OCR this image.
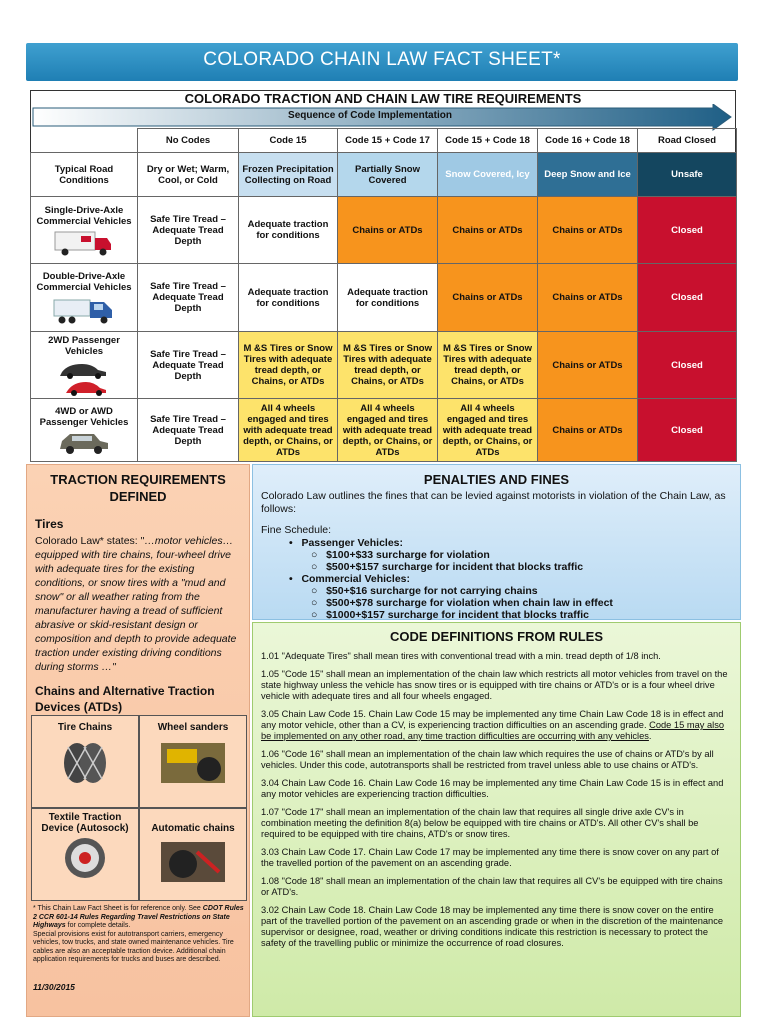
COLORADO CHAIN LAW FACT SHEET*
COLORADO TRACTION AND CHAIN LAW TIRE REQUIREMENTS
Sequence of Code Implementation
	No Codes	Code 15	Code 15 + Code 17	Code 15 + Code 18	Code 16 + Code 18	Road Closed
Typical Road Conditions	Dry or Wet; Warm, Cool, or Cold	Frozen Precipitation Collecting on Road	Partially Snow Covered	Snow Covered, Icy	Deep Snow and Ice	Unsafe

Single-Drive-Axle Commercial Vehicles	Safe Tire Tread – Adequate Tread Depth	Adequate traction for conditions	Chains or ATDs	Chains or ATDs	Chains or ATDs	Closed

Double-Drive-Axle Commercial Vehicles	Safe Tire Tread – Adequate Tread Depth	Adequate traction for conditions	Adequate traction for conditions	Chains or ATDs	Chains or ATDs	Closed

2WD Passenger Vehicles	Safe Tire Tread – Adequate Tread Depth	M &S Tires or Snow Tires with adequate tread depth, or Chains, or ATDs	M &S Tires or Snow Tires with adequate tread depth, or Chains, or ATDs	M &S Tires or Snow Tires with adequate tread depth, or Chains, or ATDs	Chains or ATDs	Closed

4WD or AWD Passenger Vehicles	Safe Tire Tread – Adequate Tread Depth	All 4 wheels engaged and tires with adequate tread depth, or Chains, or ATDs	All 4 wheels engaged and tires with adequate tread depth, or Chains, or ATDs	All 4 wheels engaged and tires with adequate tread depth, or Chains, or ATDs	Chains or ATDs	Closed
TRACTION REQUIREMENTS DEFINED
Tires
Colorado Law* states: "…motor vehicles…equipped with tire chains, four-wheel drive with adequate tires for the existing conditions, or snow tires with a "mud and snow" or all weather rating from the manufacturer having a tread of sufficient abrasive or skid-resistant design or composition and depth to provide adequate traction under existing driving conditions during storms …"
Chains and Alternative Traction Devices (ATDs)
Tire Chains	Wheel sanders
Textile Traction Device (Autosock)	Automatic chains
* This Chain Law Fact Sheet is for reference only. See CDOT Rules 2 CCR 601-14 Rules Regarding Travel Restrictions on State Highways for complete details.
Special provisions exist for autotransport carriers, emergency vehicles, tow trucks, and state owned maintenance vehicles. Tire cables are also an acceptable traction device. Additional chain application requirements for trucks and buses are described.
11/30/2015
PENALTIES AND FINES
Colorado Law outlines the fines that can be levied against motorists in violation of the Chain Law, as follows:
Fine Schedule:
•   Passenger Vehicles:
○   $100+$33 surcharge for violation
○   $500+$157 surcharge for incident that blocks traffic
•   Commercial Vehicles:
○   $50+$16 surcharge for not carrying chains
○   $500+$78 surcharge for violation when chain law in effect
○   $1000+$157 surcharge for incident that blocks traffic
CODE DEFINITIONS FROM RULES
1.01 "Adequate Tires" shall mean tires with conventional tread with a min. tread depth of 1/8 inch.
1.05 "Code 15" shall mean an implementation of the chain law which restricts all motor vehicles from travel on the state highway unless the vehicle has snow tires or is equipped with tire chains or ATD's or is a four wheel drive vehicle with adequate tires and all four wheels engaged.
3.05 Chain Law Code 15. Chain Law Code 15 may be implemented any time Chain Law Code 18 is in effect and any motor vehicle, other than a CV, is experiencing traction difficulties on an ascending grade. Code 15 may also be implemented on any other road, any time traction difficulties are occurring with any vehicles.
1.06 "Code 16" shall mean an implementation of the chain law which requires the use of chains or ATD's by all vehicles. Under this code, autotransports shall be restricted from travel unless able to use chains or ATD's.
3.04 Chain Law Code 16. Chain Law Code 16 may be implemented any time Chain Law Code 15 is in effect and any motor vehicles are experiencing traction difficulties.
1.07 "Code 17" shall mean an implementation of the chain law that requires all single drive axle CV's in combination meeting the definition 8(a) below be equipped with tire chains or ATD's. All other CV's shall be required to be equipped with tire chains, ATD's or snow tires.
3.03 Chain Law Code 17. Chain Law Code 17 may be implemented any time there is snow cover on any part of the travelled portion of the pavement on an ascending grade.
1.08 "Code 18" shall mean an implementation of the chain law that requires all CV's be equipped with tire chains or ATD's.
3.02 Chain Law Code 18. Chain Law Code 18 may be implemented any time there is snow cover on the entire part of the travelled portion of the pavement on an ascending grade or when in the discretion of the maintenance supervisor or designee, road, weather or driving conditions indicate this restriction is necessary to protect the safety of the travelling public or minimize the occurrence of road closures.
